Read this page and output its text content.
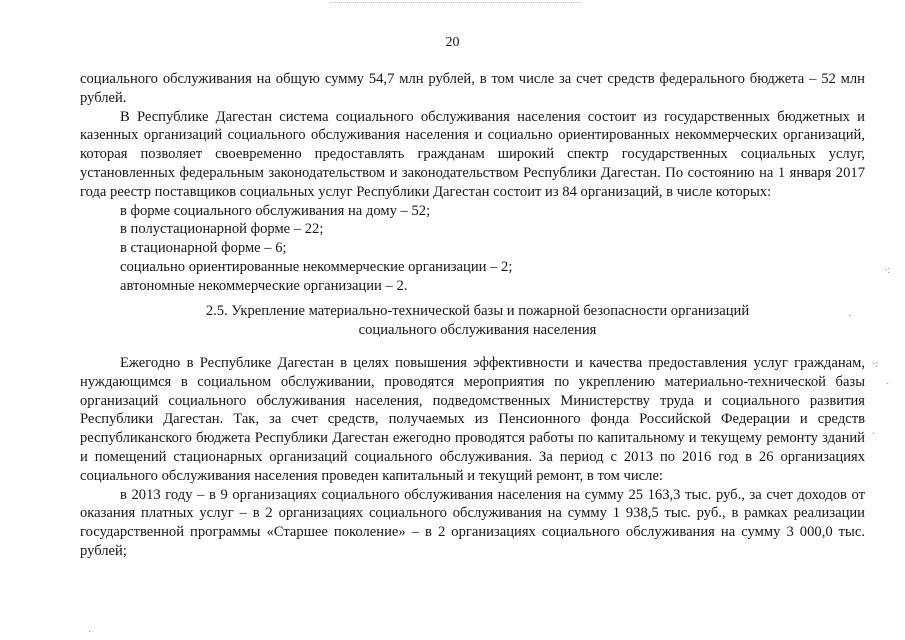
20

социального обслуживания на общую сумму 54,7 млн рублей, в том числе за счет средств федерального бюджета – 52 млн рублей.

В Республике Дагестан система социального обслуживания населения состоит из государственных бюджетных и казенных организаций социального обслуживания населения и социально ориентированных некоммерческих организаций, которая позволяет своевременно предоставлять гражданам широкий спектр государственных социальных услуг, установленных федеральным законодательством и законодательством Республики Дагестан. По состоянию на 1 января 2017 года реестр поставщиков социальных услуг Республики Дагестан состоит из 84 организаций, в числе которых:

в форме социального обслуживания на дому – 52;
в полустационарной форме – 22;
в стационарной форме – 6;
социально ориентированные некоммерческие организации – 2;
автономные некоммерческие организации – 2.
2.5. Укрепление материально-технической базы и пожарной безопасности организаций
социального обслуживания населения

Ежегодно в Республике Дагестан в целях повышения эффективности и качества предоставления услуг гражданам, нуждающимся в социальном обслуживании, проводятся мероприятия по укреплению материально-технической базы организаций социального обслуживания населения, подведомственных Министерству труда и социального развития Республики Дагестан. Так, за счет средств, получаемых из Пенсионного фонда Российской Федерации и средств республиканского бюджета Республики Дагестан ежегодно проводятся работы по капитальному и текущему ремонту зданий и помещений стационарных организаций социального обслуживания. За период с 2013 по 2016 год в 26 организациях социального обслуживания населения проведен капитальный и текущий ремонт, в том числе:

в 2013 году – в 9 организациях социального обслуживания населения на сумму 25 163,3 тыс. руб., за счет доходов от оказания платных услуг – в 2 организациях социального обслуживания на сумму 1 938,5 тыс. руб., в рамках реализации государственной программы «Старшее поколение» – в 2 организациях социального обслуживания на сумму 3 000,0 тыс. рублей;

·:
·
·:
·
·
·
